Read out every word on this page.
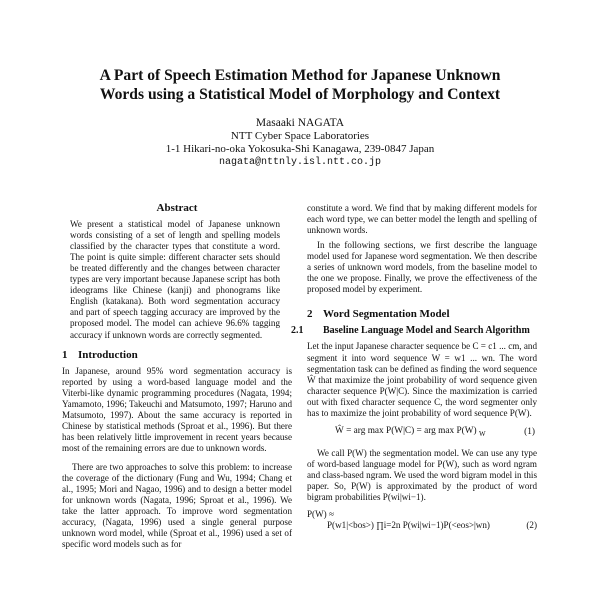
A Part of Speech Estimation Method for Japanese Unknown
Words using a Statistical Model of Morphology and Context
Masaaki NAGATA
NTT Cyber Space Laboratories
1-1 Hikari-no-oka Yokosuka-Shi Kanagawa, 239-0847 Japan
nagata@nttnly.isl.ntt.co.jp
Abstract

We present a statistical model of Japanese unknown words consisting of a set of length and spelling models classified by the character types that constitute a word. The point is quite simple: different character sets should be treated differently and the changes between character types are very important because Japanese script has both ideograms like Chinese (kanji) and phonograms like English (katakana). Both word segmentation accuracy and part of speech tagging accuracy are improved by the proposed model. The model can achieve 96.6% tagging accuracy if unknown words are correctly segmented.

1 Introduction

In Japanese, around 95% word segmentation accuracy is reported by using a word-based language model and the Viterbi-like dynamic programming procedures (Nagata, 1994; Yamamoto, 1996; Takeuchi and Matsumoto, 1997; Haruno and Matsumoto, 1997). About the same accuracy is reported in Chinese by statistical methods (Sproat et al., 1996). But there has been relatively little improvement in recent years because most of the remaining errors are due to unknown words.

There are two approaches to solve this problem: to increase the coverage of the dictionary (Fung and Wu, 1994; Chang et al., 1995; Mori and Nagao, 1996) and to design a better model for unknown words (Nagata, 1996; Sproat et al., 1996). We take the latter approach. To improve word segmentation accuracy, (Nagata, 1996) used a single general purpose unknown word model, while (Sproat et al., 1996) used a set of specific word models such as for

constitute a word. We find that by making different models for each word type, we can better model the length and spelling of unknown words.

In the following sections, we first describe the language model used for Japanese word segmentation. We then describe a series of unknown word models, from the baseline model to the one we propose. Finally, we prove the effectiveness of the proposed model by experiment.

2 Word Segmentation Model
2.1 Baseline Language Model and Search Algorithm

Let the input Japanese character sequence be C = c1 ... cm, and segment it into word sequence W = w1 ... wn. The word segmentation task can be defined as finding the word sequence Ŵ that maximize the joint probability of word sequence given character sequence P(W|C). Since the maximization is carried out with fixed character sequence C, the word segmenter only has to maximize the joint probability of word sequence P(W).

Ŵ = arg max P(W|C) = arg max P(W) $_W$	(1)

We call P(W) the segmentation model. We can use any type of word-based language model for P(W), such as word ngram and class-based ngram. We used the word bigram model in this paper. So, P(W) is approximated by the product of word bigram probabilities P(wi|wi−1).

P(W) ≈
P(w1|<bos>) ∏i=2n P(wi|wi−1)P(<eos>|wn)	(2)
